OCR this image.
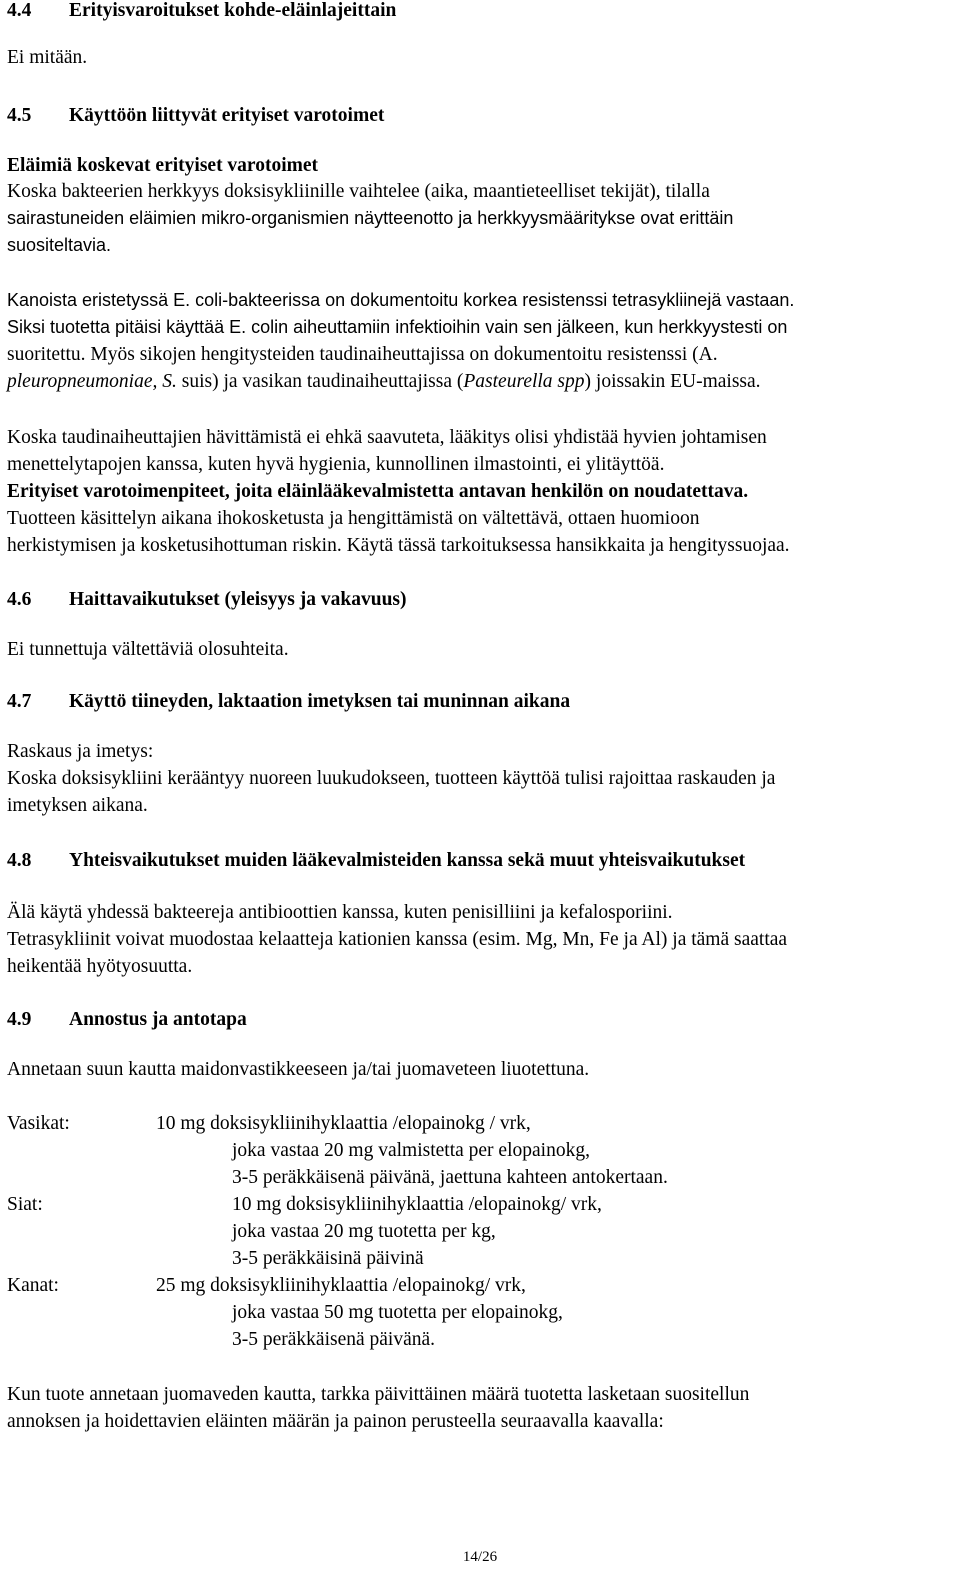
4.4 Erityisvaroitukset kohde-eläinlajeittain
Ei mitään.
4.5 Käyttöön liittyvät erityiset varotoimet
Eläimiä koskevat erityiset varotoimet
Koska bakteerien herkkyys doksisykliinille vaihtelee (aika, maantieteelliset tekijät), tilalla
sairastuneiden eläimien mikro-organismien näytteenotto ja herkkyysmääritykse ovat erittäin
suositeltavia.
Kanoista eristetyssä E. coli-bakteerissa on dokumentoitu korkea resistenssi tetrasykliinejä vastaan.
Siksi tuotetta pitäisi käyttää E. colin aiheuttamiin infektioihin vain sen jälkeen, kun herkkyystesti on
suoritettu. Myös sikojen hengitysteiden taudinaiheuttajissa on dokumentoitu resistenssi (A.
pleuropneumoniae, S. suis) ja vasikan taudinaiheuttajissa (Pasteurella spp) joissakin EU-maissa.
Koska taudinaiheuttajien hävittämistä ei ehkä saavuteta, lääkitys olisi yhdistää hyvien johtamisen
menettelytapojen kanssa, kuten hyvä hygienia, kunnollinen ilmastointi, ei ylitäyttöä.
Erityiset varotoimenpiteet, joita eläinlääkevalmistetta antavan henkilön on noudatettava.
Tuotteen käsittelyn aikana ihokosketusta ja hengittämistä on vältettävä, ottaen huomioon
herkistymisen ja kosketusihottuman riskin. Käytä tässä tarkoituksessa hansikkaita ja hengityssuojaa.
4.6 Haittavaikutukset (yleisyys ja vakavuus)
Ei tunnettuja vältettäviä olosuhteita.
4.7 Käyttö tiineyden, laktaation imetyksen tai muninnan aikana
Raskaus ja imetys:
Koska doksisykliini kerääntyy nuoreen luukudokseen, tuotteen käyttöä tulisi rajoittaa raskauden ja
imetyksen aikana.
4.8 Yhteisvaikutukset muiden lääkevalmisteiden kanssa sekä muut yhteisvaikutukset
Älä käytä yhdessä bakteereja antibioottien kanssa, kuten penisilliini ja kefalosporiini.
Tetrasykliinit voivat muodostaa kelaatteja kationien kanssa (esim. Mg, Mn, Fe ja Al) ja tämä saattaa
heikentää hyötyosuutta.
4.9 Annostus ja antotapa
Annetaan suun kautta maidonvastikkeeseen ja/tai juomaveteen liuotettuna.
Vasikat:	10 mg doksisykliinihyklaattia /elopainokg / vrk,
joka vastaa 20 mg valmistetta per elopainokg,
3-5 peräkkäisenä päivänä, jaettuna kahteen antokertaan.
Siat:	10 mg doksisykliinihyklaattia /elopainokg/ vrk,
joka vastaa 20 mg tuotetta per kg,
3-5 peräkkäisinä päivinä
Kanat:	25 mg doksisykliinihyklaattia /elopainokg/ vrk,
joka vastaa 50 mg tuotetta per elopainokg,
3-5 peräkkäisenä päivänä.
Kun tuote annetaan juomaveden kautta, tarkka päivittäinen määrä tuotetta lasketaan suositellun
annoksen ja hoidettavien eläinten määrän ja painon perusteella seuraavalla kaavalla:
14/26
